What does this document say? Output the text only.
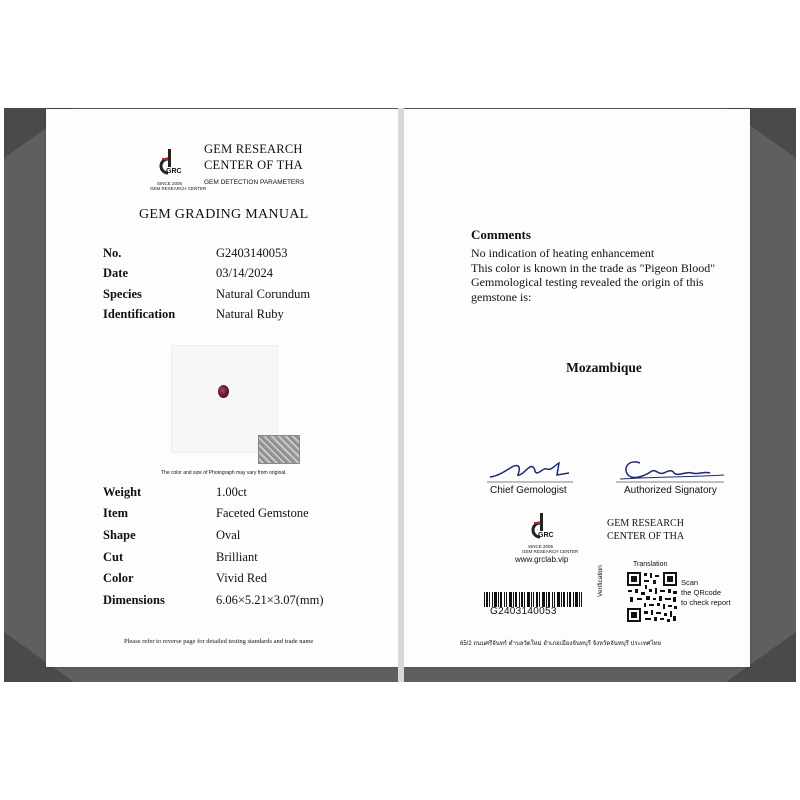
GRC
SINCE 2005
GEM RESEARCH CENTER
GEM RESEARCH
CENTER OF THA
GEM DETECTION PARAMETERS
GEM GRADING MANUAL
No.	G2403140053
Date	03/14/2024
Species	Natural Corundum
Identification	Natural Ruby
The color and size of Photograph may vary from original.
Weight	1.00ct
Item	Faceted Gemstone
Shape	Oval
Cut	Brilliant
Color	Vivid Red
Dimensions	6.06×5.21×3.07(mm)
Please refer to reverse page for detailed testing standards and trade name
Comments
No indication of heating enhancement
This color is known in the trade as "Pigeon Blood"
Gemmological testing revealed the origin of this
gemstone is:
Mozambique
Chief Gemologist	Authorized Signatory
GRC
SINCE 2005
GEM RESEARCH CENTER
www.grclab.vip
GEM RESEARCH
CENTER OF THA
G2403140053
Translation
Verification	Scan
the QRcode
to check report
65/2 ถนนศรีจันทร์ ตำบลวัดใหม่ อำเภอเมืองจันทบุรี จังหวัดจันทบุรี ประเทศไทย
